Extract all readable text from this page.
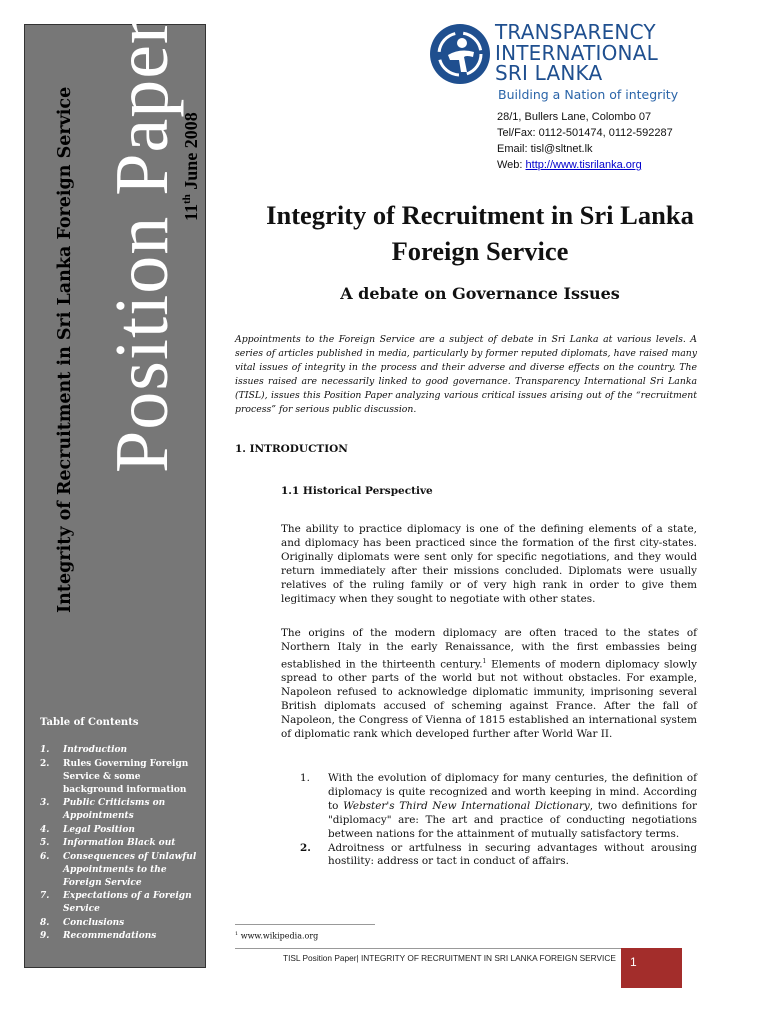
Integrity of Recruitment in Sri Lanka Foreign Service Position Paper
11th June 2008
Table of Contents
1.	Introduction
2.	Rules Governing Foreign Service & some background information
3.	Public Criticisms on Appointments
4.	Legal Position
5.	Information Black out
6.	Consequences of Unlawful Appointments to the Foreign Service
7.	Expectations of a Foreign Service
8.	Conclusions
9.	Recommendations
TRANSPARENCY
INTERNATIONAL
SRI LANKA
Building a Nation of integrity
28/1, Bullers Lane, Colombo 07
Tel/Fax: 0112-501474, 0112-592287
Email: tisl@sltnet.lk
Web: http://www.tisrilanka.org
Integrity of Recruitment in Sri Lanka Foreign Service
A debate on Governance Issues
Appointments to the Foreign Service are a subject of debate in Sri Lanka at various levels. A series of articles published in media, particularly by former reputed diplomats, have raised many vital issues of integrity in the process and their adverse and diverse effects on the country. The issues raised are necessarily linked to good governance. Transparency International Sri Lanka (TISL), issues this Position Paper analyzing various critical issues arising out of the “recruitment process” for serious public discussion.
1. INTRODUCTION
1.1 Historical Perspective
The ability to practice diplomacy is one of the defining elements of a state, and diplomacy has been practiced since the formation of the first city-states. Originally diplomats were sent only for specific negotiations, and they would return immediately after their missions concluded. Diplomats were usually relatives of the ruling family or of very high rank in order to give them legitimacy when they sought to negotiate with other states.
The origins of the modern diplomacy are often traced to the states of Northern Italy in the early Renaissance, with the first embassies being established in the thirteenth century.$^1$ Elements of modern diplomacy slowly spread to other parts of the world but not without obstacles. For example, Napoleon refused to acknowledge diplomatic immunity, imprisoning several British diplomats accused of scheming against France. After the fall of Napoleon, the Congress of Vienna of 1815 established an international system of diplomatic rank which developed further after World War II.
1.	With the evolution of diplomacy for many centuries, the definition of diplomacy is quite recognized and worth keeping in mind. According to Webster's Third New International Dictionary, two definitions for "diplomacy" are: The art and practice of conducting negotiations between nations for the attainment of mutually satisfactory terms.
2.	Adroitness or artfulness in securing advantages without arousing hostility: address or tact in conduct of affairs.
$^1$ www.wikipedia.org
TISL Position Paper| INTEGRITY OF RECRUITMENT IN SRI LANKA FOREIGN SERVICE	1
